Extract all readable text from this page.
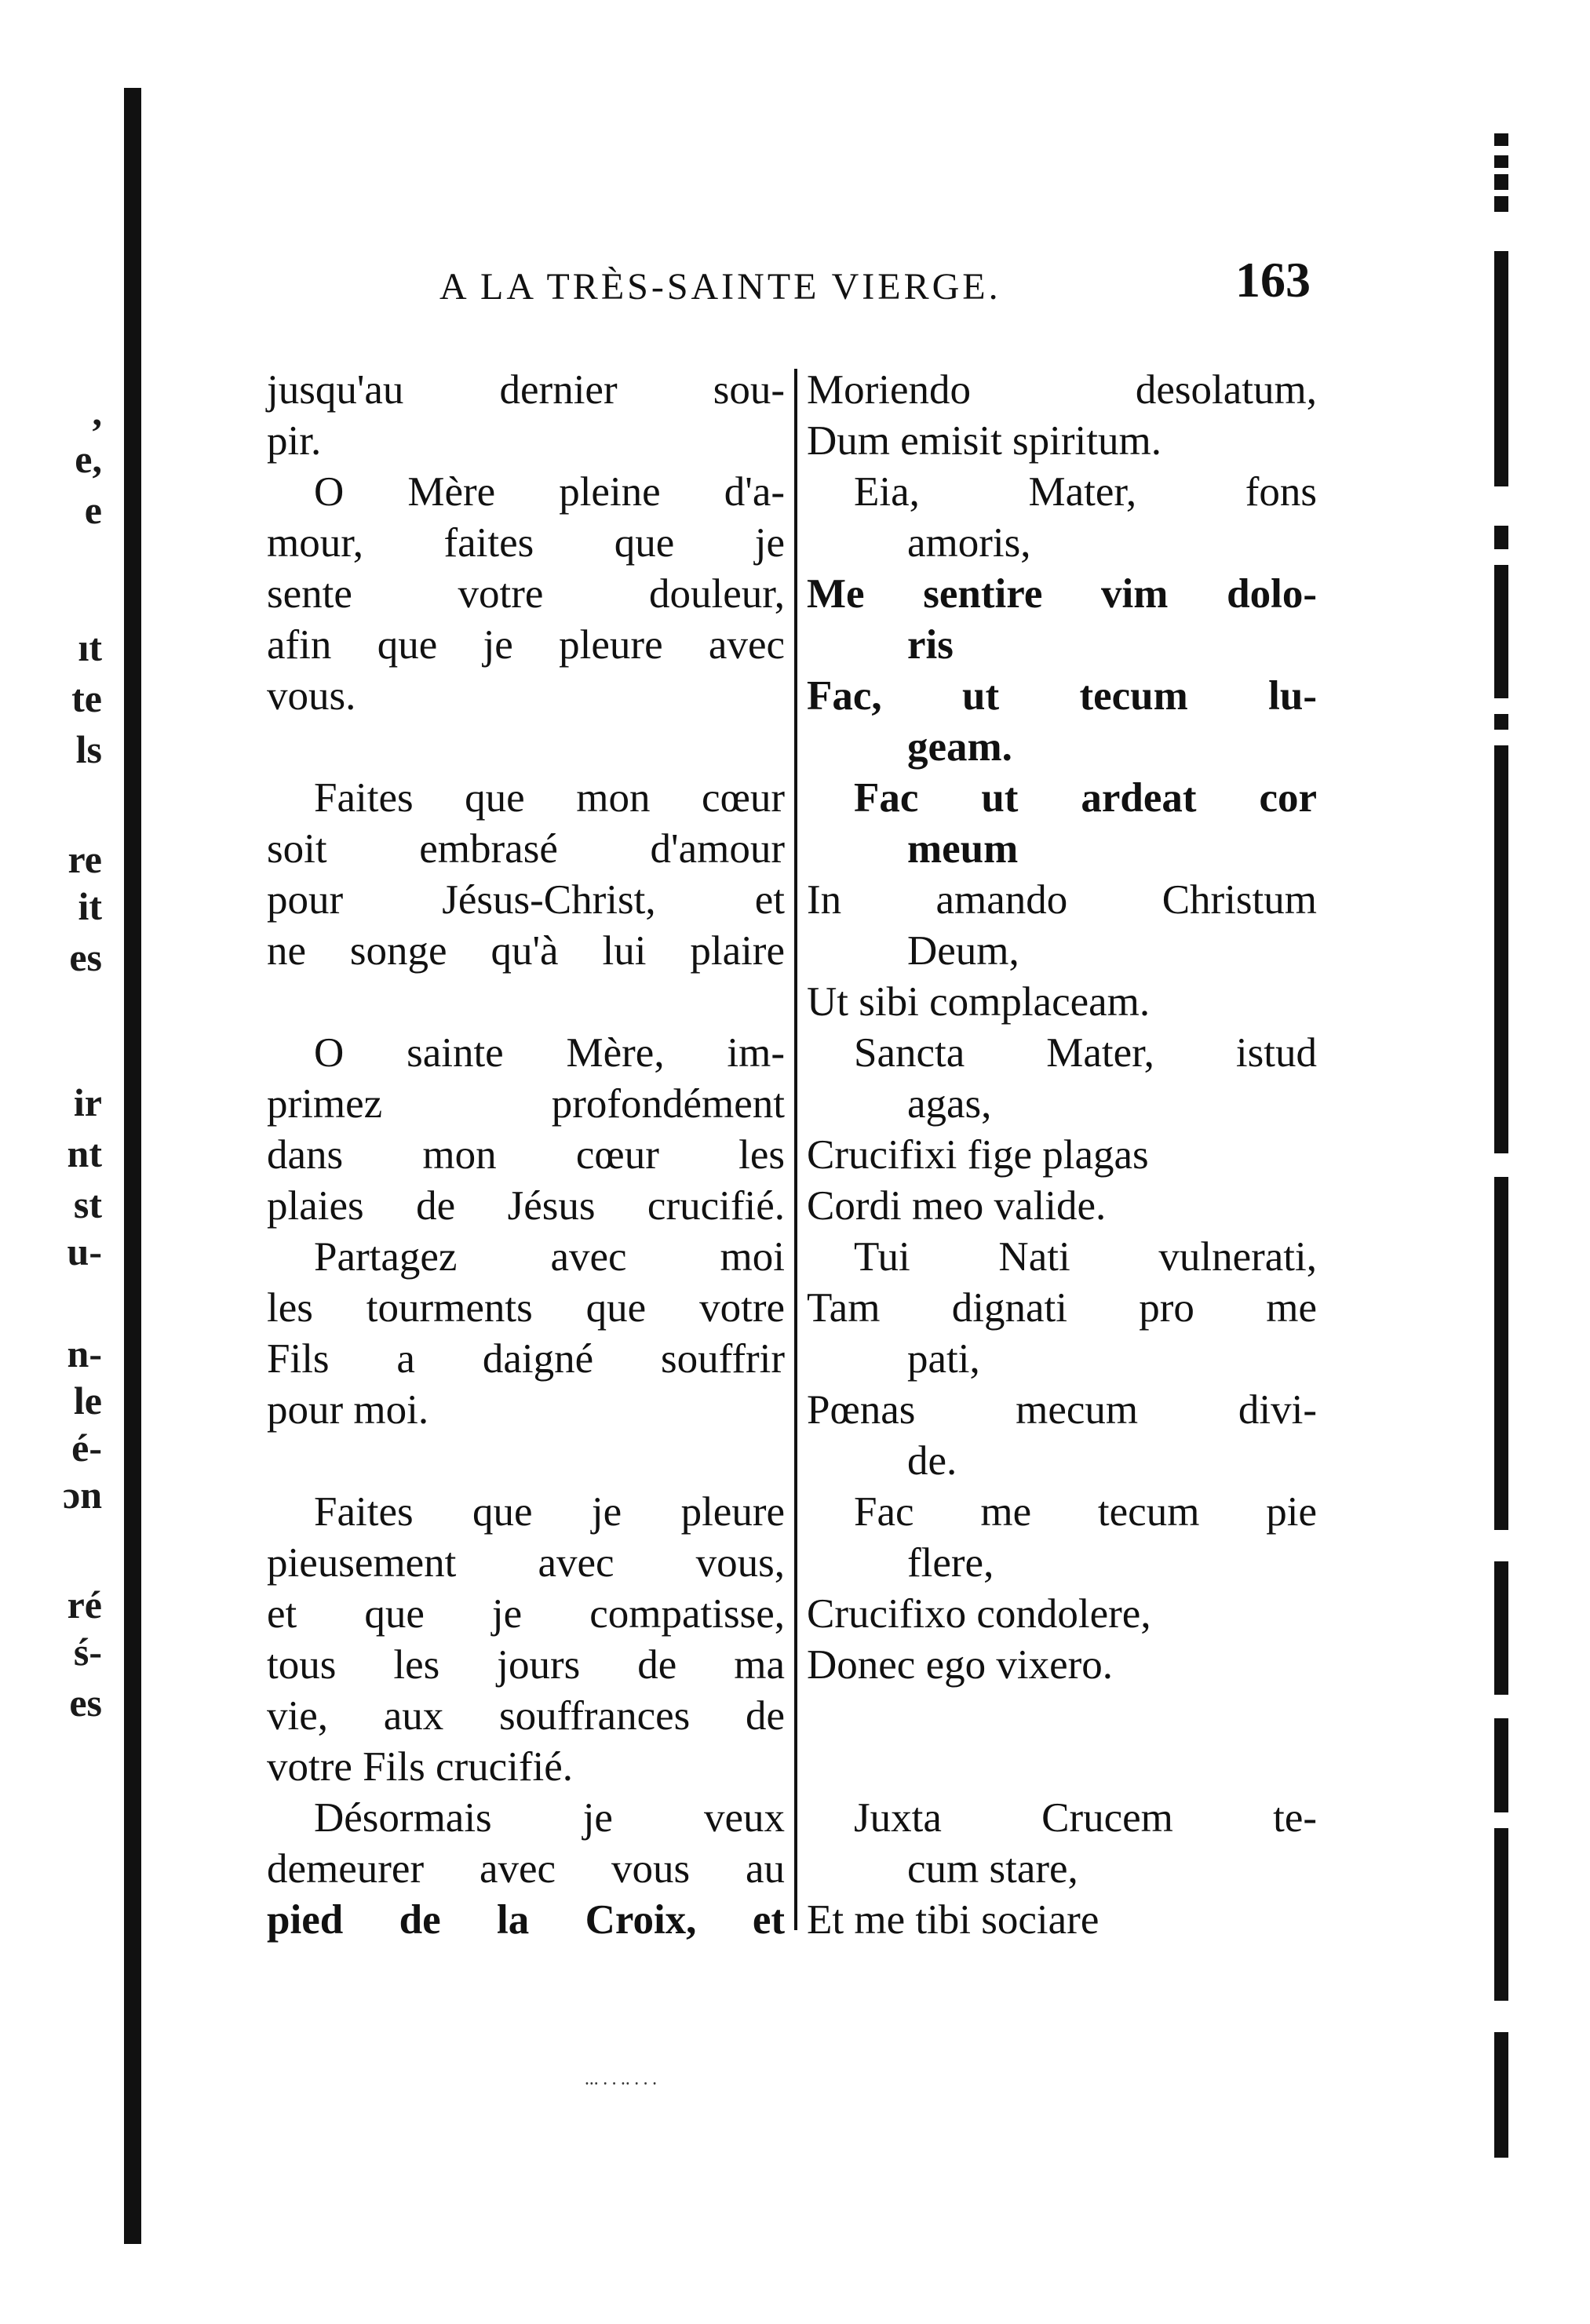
,
e,
e
ıt
te
ls
re
it
es
ir
nt
st
u-
n-
le
é-
ɔn
ré
ś-
es
A LA TRÈS-SAINTE VIERGE.	163
jusqu'au dernier sou-
pir.
O Mère pleine d'a-
mour, faites que je
sente votre douleur,
afin que je pleure avec
vous.
Faites que mon cœur
soit embrasé d'amour
pour Jésus-Christ, et
ne songe qu'à lui plaire
O sainte Mère, im-
primez profondément
dans mon cœur les
plaies de Jésus crucifié.
Partagez avec moi
les tourments que votre
Fils a daigné souffrir
pour moi.
Faites que je pleure
pieusement avec vous,
et que je compatisse,
tous les jours de ma
vie, aux souffrances de
votre Fils crucifié.
Désormais je veux
demeurer avec vous au
pied de la Croix, et
Moriendo desolatum,
Dum emisit spiritum.
Eia, Mater, fons
amoris,
Me sentire vim dolo-
ris
Fac, ut tecum lu-
geam.
Fac ut ardeat cor
meum
In amando Christum
Deum,
Ut sibi complaceam.
Sancta Mater, istud
agas,
Crucifixi fige plagas
Cordi meo valide.
Tui Nati vulnerati,
Tam dignati pro me
pati,
Pœnas mecum divi-
de.
Fac me tecum pie
flere,
Crucifixo condolere,
Donec ego vixero.
Juxta Crucem te-
cum stare,
Et me tibi sociare
⸱⸱⸱ ⸱ ⸱ ⸱⸱ ⸱ ⸱ ⸱
